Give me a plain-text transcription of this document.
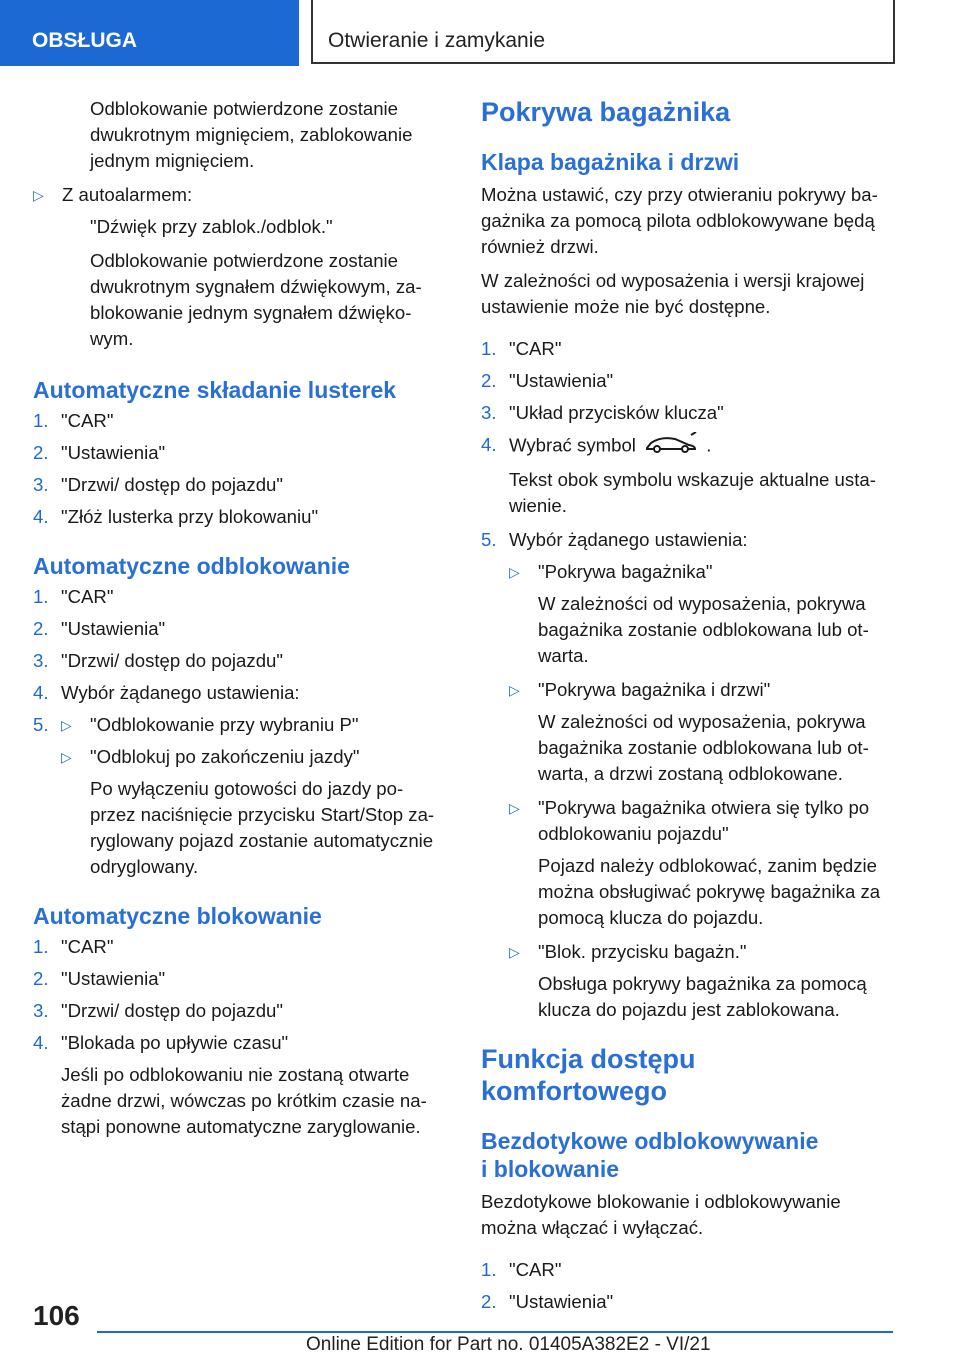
OBSŁUGA	Otwieranie i zamykanie

Odblokowanie potwierdzone zostanie dwukrotnym mignięciem, zablokowanie jednym mignięciem.

▷ Z autoalarmem:

"Dźwięk przy zablok./odblok."

Odblokowanie potwierdzone zostanie dwukrotnym sygnałem dźwiękowym, za-blokowanie jednym sygnałem dźwięko-wym.

Automatyczne składanie lusterek
1. "CAR"
2. "Ustawienia"
3. "Drzwi/ dostęp do pojazdu"
4. "Złóż lusterka przy blokowaniu"
Automatyczne odblokowanie
1. "CAR"
2. "Ustawienia"
3. "Drzwi/ dostęp do pojazdu"
4. Wybór żądanego ustawienia:
5. ▷ "Odblokowanie przy wybraniu P"
▷ "Odblokuj po zakończeniu jazdy"

Po wyłączeniu gotowości do jazdy po-przez naciśnięcie przycisku Start/Stop za-ryglowany pojazd zostanie automatycznie odryglowany.

Automatyczne blokowanie
1. "CAR"
2. "Ustawienia"
3. "Drzwi/ dostęp do pojazdu"
4. "Blokada po upływie czasu"

Jeśli po odblokowaniu nie zostaną otwarte żadne drzwi, wówczas po krótkim czasie na-stąpi ponowne automatyczne zaryglowanie.

Pokrywa bagażnika
Klapa bagażnika i drzwi

Można ustawić, czy przy otwieraniu pokrywy ba-gażnika za pomocą pilota odblokowywane będą również drzwi.

W zależności od wyposażenia i wersji krajowej ustawienie może nie być dostępne.

1. "CAR"
2. "Ustawienia"
3. "Układ przycisków klucza"
4. Wybrać symbol	.

Tekst obok symbolu wskazuje aktualne usta-wienie.

5. Wybór żądanego ustawienia:
▷ "Pokrywa bagażnika"

W zależności od wyposażenia, pokrywa bagażnika zostanie odblokowana lub ot-warta.

▷ "Pokrywa bagażnika i drzwi"

W zależności od wyposażenia, pokrywa bagażnika zostanie odblokowana lub ot-warta, a drzwi zostaną odblokowane.

▷ "Pokrywa bagażnika otwiera się tylko po odblokowaniu pojazdu"

Pojazd należy odblokować, zanim będzie można obsługiwać pokrywę bagażnika za pomocą klucza do pojazdu.

▷ "Blok. przycisku bagażn."

Obsługa pokrywy bagażnika za pomocą klucza do pojazdu jest zablokowana.

Funkcja dostępu komfortowego
Bezdotykowe odblokowywanie
i blokowanie

Bezdotykowe blokowanie i odblokowywanie można włączać i wyłączać.

1. "CAR"
2. "Ustawienia"
106
Online Edition for Part no. 01405A382E2 - VI/21
